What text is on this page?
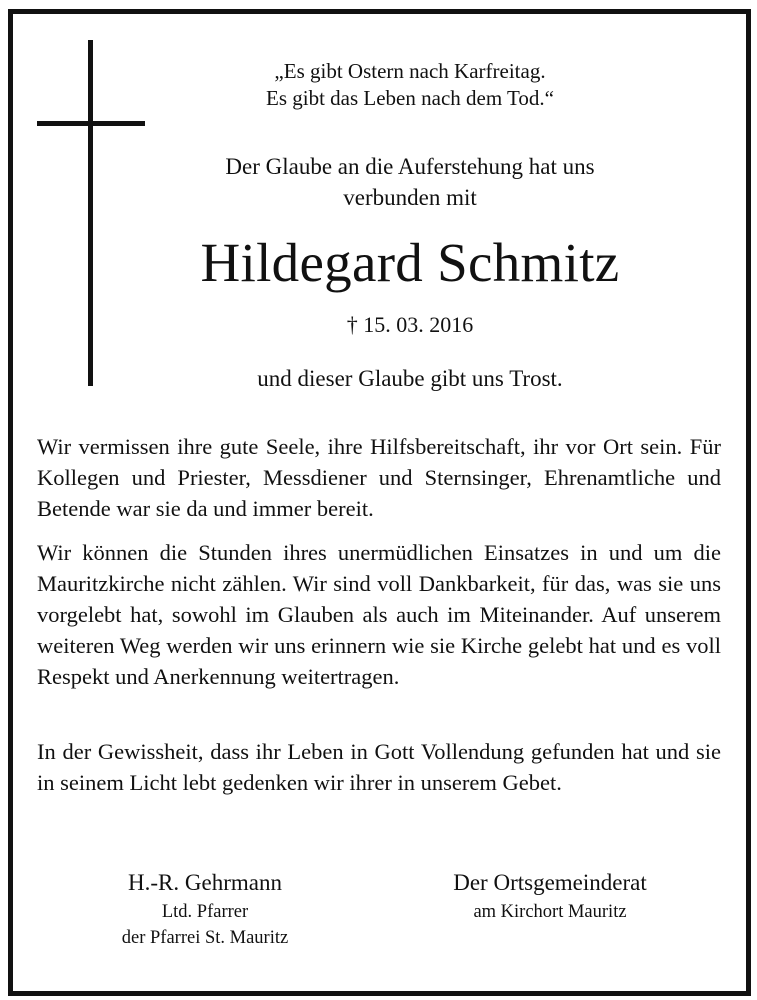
„Es gibt Ostern nach Karfreitag.
Es gibt das Leben nach dem Tod.“
Der Glaube an die Auferstehung hat uns
verbunden mit
Hildegard Schmitz
† 15. 03. 2016
und dieser Glaube gibt uns Trost.
Wir vermissen ihre gute Seele, ihre Hilfsbereitschaft, ihr vor Ort sein. Für Kollegen und Priester, Messdiener und Sternsinger, Ehrenamtliche und Betende war sie da und immer bereit.
Wir können die Stunden ihres unermüdlichen Einsatzes in und um die Mauritzkirche nicht zählen. Wir sind voll Dankbarkeit, für das, was sie uns vorgelebt hat, sowohl im Glauben als auch im Miteinander. Auf unserem weiteren Weg werden wir uns erinnern wie sie Kirche gelebt hat und es voll Respekt und Anerkennung weitertragen.
In der Gewissheit, dass ihr Leben in Gott Vollendung gefunden hat und sie in seinem Licht lebt gedenken wir ihrer in unserem Gebet.
H.-R. Gehrmann
Ltd. Pfarrer
der Pfarrei St. Mauritz
Der Ortsgemeinderat
am Kirchort Mauritz
